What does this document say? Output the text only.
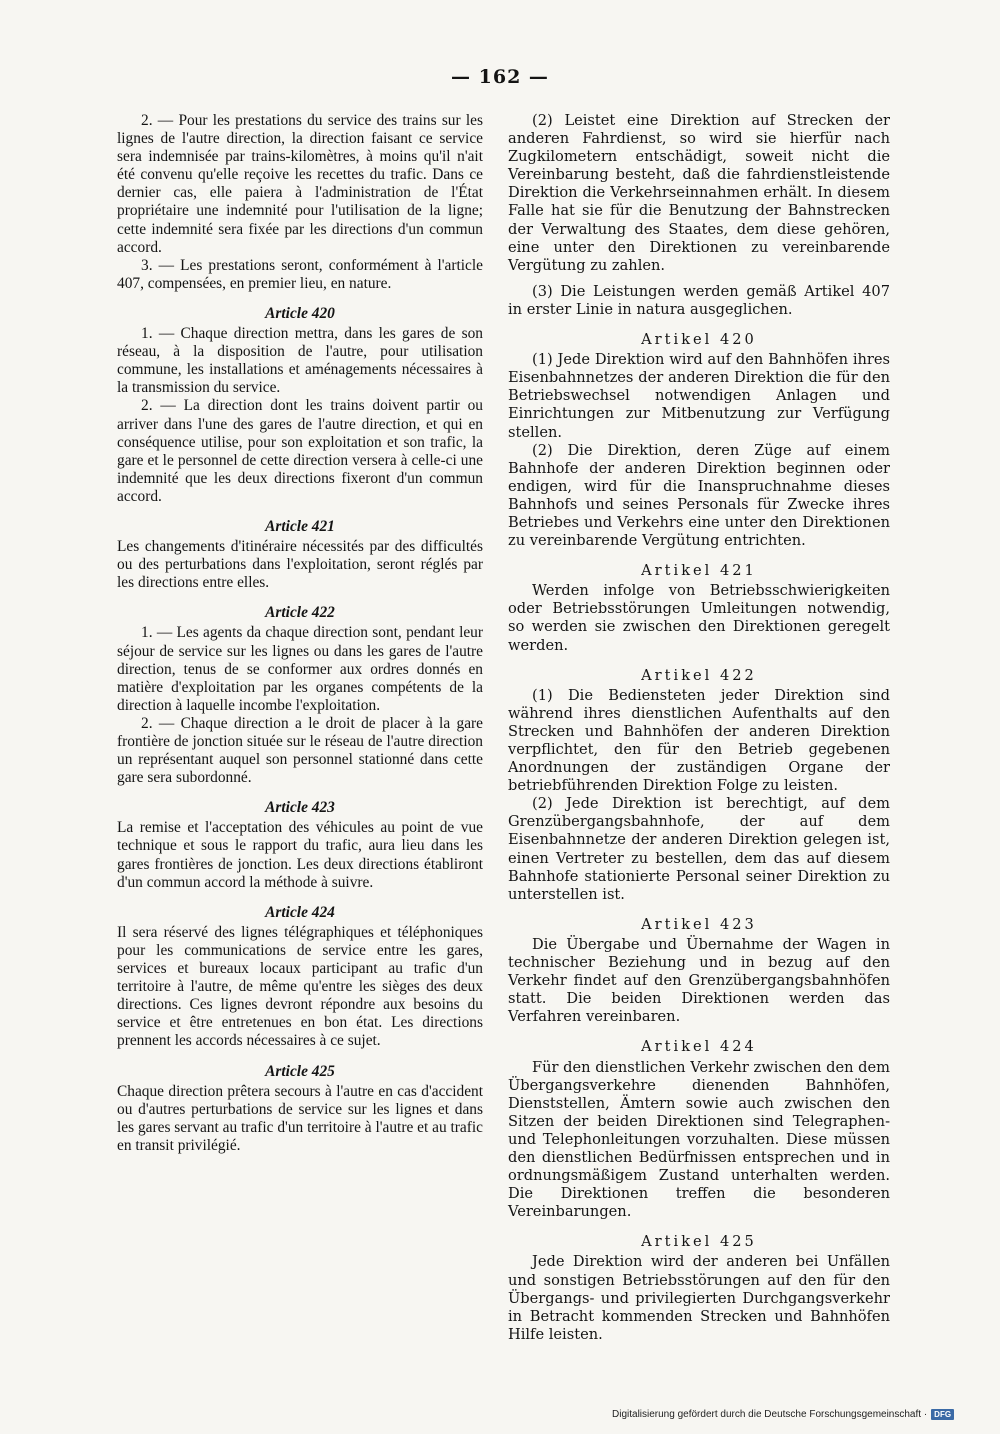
— 162 —

2. — Pour les prestations du service des trains sur les lignes de l'autre direction, la direction faisant ce service sera indemnisée par trains-kilomètres, à moins qu'il n'ait été convenu qu'elle reçoive les recettes du trafic. Dans ce dernier cas, elle paiera à l'administration de l'État propriétaire une indemnité pour l'utilisation de la ligne; cette indemnité sera fixée par les directions d'un commun accord.

3. — Les prestations seront, conformément à l'article 407, compensées, en premier lieu, en nature.

Article 420

1. — Chaque direction mettra, dans les gares de son réseau, à la disposition de l'autre, pour utilisation commune, les installations et aménagements nécessaires à la transmission du service.

2. — La direction dont les trains doivent partir ou arriver dans l'une des gares de l'autre direction, et qui en conséquence utilise, pour son exploitation et son trafic, la gare et le personnel de cette direction versera à celle-ci une indemnité que les deux directions fixeront d'un commun accord.

Article 421

Les changements d'itinéraire nécessités par des difficultés ou des perturbations dans l'exploitation, seront réglés par les directions entre elles.

Article 422

1. — Les agents da chaque direction sont, pendant leur séjour de service sur les lignes ou dans les gares de l'autre direction, tenus de se conformer aux ordres donnés en matière d'exploitation par les organes compétents de la direction à laquelle incombe l'exploitation.

2. — Chaque direction a le droit de placer à la gare frontière de jonction située sur le réseau de l'autre direction un représentant auquel son personnel stationné dans cette gare sera subordonné.

Article 423

La remise et l'acceptation des véhicules au point de vue technique et sous le rapport du trafic, aura lieu dans les gares frontières de jonction. Les deux directions établiront d'un commun accord la méthode à suivre.

Article 424

Il sera réservé des lignes télégraphiques et téléphoniques pour les communications de service entre les gares, services et bureaux locaux participant au trafic d'un territoire à l'autre, de même qu'entre les sièges des deux directions. Ces lignes devront répondre aux besoins du service et être entretenues en bon état. Les directions prennent les accords nécessaires à ce sujet.

Article 425

Chaque direction prêtera secours à l'autre en cas d'accident ou d'autres perturbations de service sur les lignes et dans les gares servant au trafic d'un territoire à l'autre et au trafic en transit privilégié.

(2) Leistet eine Direktion auf Strecken der anderen Fahrdienst, so wird sie hierfür nach Zugkilometern entschädigt, soweit nicht die Vereinbarung besteht, daß die fahrdienstleistende Direktion die Verkehrseinnahmen erhält. In diesem Falle hat sie für die Benutzung der Bahnstrecken der Verwaltung des Staates, dem diese gehören, eine unter den Direktionen zu vereinbarende Vergütung zu zahlen.

(3) Die Leistungen werden gemäß Artikel 407 in erster Linie in natura ausgeglichen.

Artikel 420

(1) Jede Direktion wird auf den Bahnhöfen ihres Eisenbahnnetzes der anderen Direktion die für den Betriebswechsel notwendigen Anlagen und Einrichtungen zur Mitbenutzung zur Verfügung stellen.

(2) Die Direktion, deren Züge auf einem Bahnhofe der anderen Direktion beginnen oder endigen, wird für die Inanspruchnahme dieses Bahnhofs und seines Personals für Zwecke ihres Betriebes und Verkehrs eine unter den Direktionen zu vereinbarende Vergütung entrichten.

Artikel 421

Werden infolge von Betriebsschwierigkeiten oder Betriebsstörungen Umleitungen notwendig, so werden sie zwischen den Direktionen geregelt werden.

Artikel 422

(1) Die Bediensteten jeder Direktion sind während ihres dienstlichen Aufenthalts auf den Strecken und Bahnhöfen der anderen Direktion verpflichtet, den für den Betrieb gegebenen Anordnungen der zuständigen Organe der betriebführenden Direktion Folge zu leisten.

(2) Jede Direktion ist berechtigt, auf dem Grenzübergangsbahnhofe, der auf dem Eisenbahnnetze der anderen Direktion gelegen ist, einen Vertreter zu bestellen, dem das auf diesem Bahnhofe stationierte Personal seiner Direktion zu unterstellen ist.

Artikel 423

Die Übergabe und Übernahme der Wagen in technischer Beziehung und in bezug auf den Verkehr findet auf den Grenzübergangsbahnhöfen statt. Die beiden Direktionen werden das Verfahren vereinbaren.

Artikel 424

Für den dienstlichen Verkehr zwischen den dem Übergangsverkehre dienenden Bahnhöfen, Dienststellen, Ämtern sowie auch zwischen den Sitzen der beiden Direktionen sind Telegraphen- und Telephonleitungen vorzuhalten. Diese müssen den dienstlichen Bedürfnissen entsprechen und in ordnungsmäßigem Zustand unterhalten werden. Die Direktionen treffen die besonderen Vereinbarungen.

Artikel 425

Jede Direktion wird der anderen bei Unfällen und sonstigen Betriebsstörungen auf den für den Übergangs- und privilegierten Durchgangsverkehr in Betracht kommenden Strecken und Bahnhöfen Hilfe leisten.

Digitalisierung gefördert durch die Deutsche Forschungsgemeinschaft · DFG
